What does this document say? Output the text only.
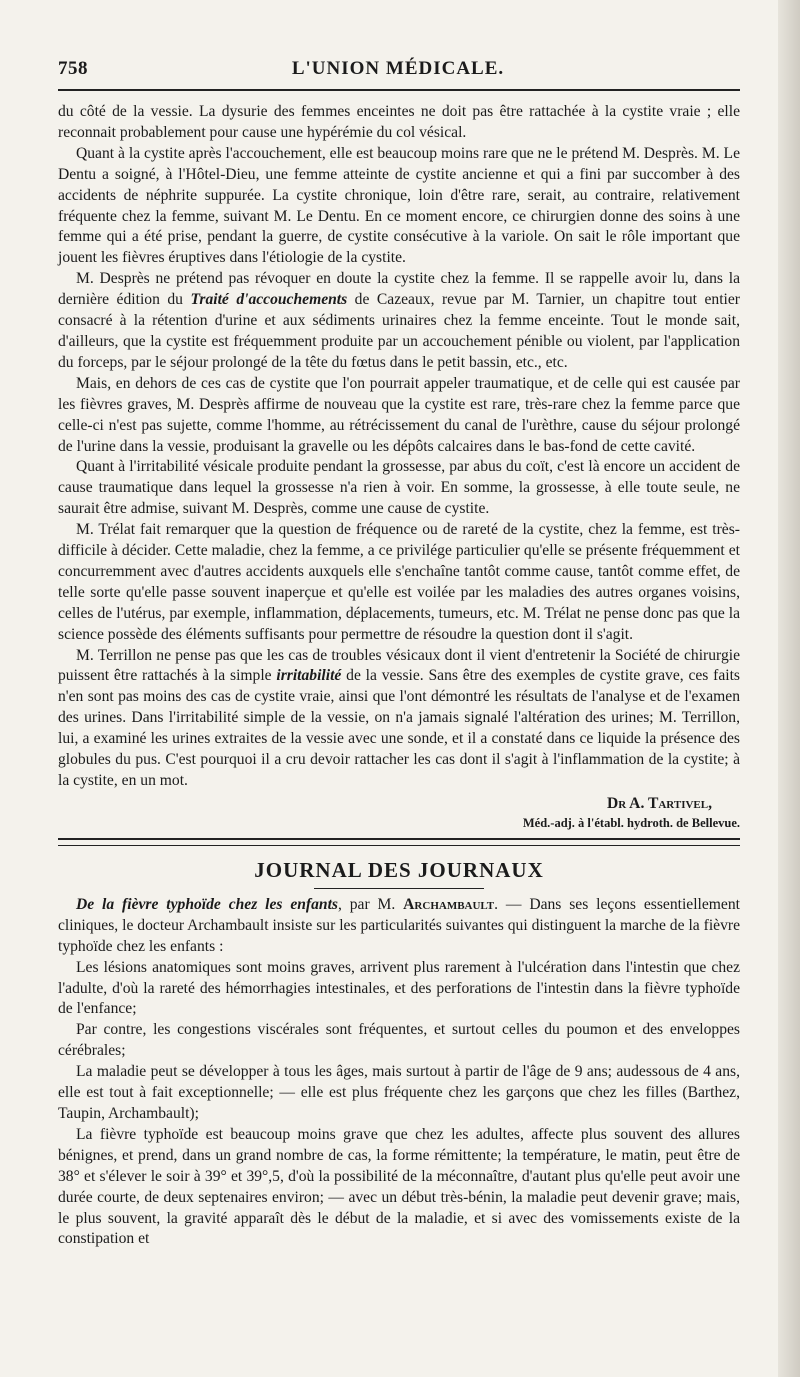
758	L'UNION MÉDICALE.

du côté de la vessie. La dysurie des femmes enceintes ne doit pas être rattachée à la cystite vraie ; elle reconnait probablement pour cause une hypérémie du col vésical.

Quant à la cystite après l'accouchement, elle est beaucoup moins rare que ne le prétend M. Desprès. M. Le Dentu a soigné, à l'Hôtel-Dieu, une femme atteinte de cystite ancienne et qui a fini par succomber à des accidents de néphrite suppurée. La cystite chronique, loin d'être rare, serait, au contraire, relativement fréquente chez la femme, suivant M. Le Dentu. En ce moment encore, ce chirurgien donne des soins à une femme qui a été prise, pendant la guerre, de cystite consécutive à la variole. On sait le rôle important que jouent les fièvres éruptives dans l'étiologie de la cystite.

M. Desprès ne prétend pas révoquer en doute la cystite chez la femme. Il se rappelle avoir lu, dans la dernière édition du Traité d'accouchements de Cazeaux, revue par M. Tarnier, un chapitre tout entier consacré à la rétention d'urine et aux sédiments urinaires chez la femme enceinte. Tout le monde sait, d'ailleurs, que la cystite est fréquemment produite par un accouchement pénible ou violent, par l'application du forceps, par le séjour prolongé de la tête du fœtus dans le petit bassin, etc., etc.

Mais, en dehors de ces cas de cystite que l'on pourrait appeler traumatique, et de celle qui est causée par les fièvres graves, M. Desprès affirme de nouveau que la cystite est rare, très-rare chez la femme parce que celle-ci n'est pas sujette, comme l'homme, au rétrécissement du canal de l'urèthre, cause du séjour prolongé de l'urine dans la vessie, produisant la gravelle ou les dépôts calcaires dans le bas-fond de cette cavité.

Quant à l'irritabilité vésicale produite pendant la grossesse, par abus du coït, c'est là encore un accident de cause traumatique dans lequel la grossesse n'a rien à voir. En somme, la grossesse, à elle toute seule, ne saurait être admise, suivant M. Desprès, comme une cause de cystite.

M. Trélat fait remarquer que la question de fréquence ou de rareté de la cystite, chez la femme, est très-difficile à décider. Cette maladie, chez la femme, a ce privilége particulier qu'elle se présente fréquemment et concurremment avec d'autres accidents auxquels elle s'enchaîne tantôt comme cause, tantôt comme effet, de telle sorte qu'elle passe souvent inaperçue et qu'elle est voilée par les maladies des autres organes voisins, celles de l'utérus, par exemple, inflammation, déplacements, tumeurs, etc. M. Trélat ne pense donc pas que la science possède des éléments suffisants pour permettre de résoudre la question dont il s'agit.

M. Terrillon ne pense pas que les cas de troubles vésicaux dont il vient d'entretenir la Société de chirurgie puissent être rattachés à la simple irritabilité de la vessie. Sans être des exemples de cystite grave, ces faits n'en sont pas moins des cas de cystite vraie, ainsi que l'ont démontré les résultats de l'analyse et de l'examen des urines. Dans l'irritabilité simple de la vessie, on n'a jamais signalé l'altération des urines; M. Terrillon, lui, a examiné les urines extraites de la vessie avec une sonde, et il a constaté dans ce liquide la présence des globules du pus. C'est pourquoi il a cru devoir rattacher les cas dont il s'agit à l'inflammation de la cystite; à la cystite, en un mot.

Dr A. Tartivel,
Méd.-adj. à l'établ. hydroth. de Bellevue.
JOURNAL DES JOURNAUX

De la fièvre typhoïde chez les enfants, par M. Archambault. — Dans ses leçons essentiellement cliniques, le docteur Archambault insiste sur les particularités suivantes qui distinguent la marche de la fièvre typhoïde chez les enfants :

Les lésions anatomiques sont moins graves, arrivent plus rarement à l'ulcération dans l'intestin que chez l'adulte, d'où la rareté des hémorrhagies intestinales, et des perforations de l'intestin dans la fièvre typhoïde de l'enfance;

Par contre, les congestions viscérales sont fréquentes, et surtout celles du poumon et des enveloppes cérébrales;

La maladie peut se développer à tous les âges, mais surtout à partir de l'âge de 9 ans; audessous de 4 ans, elle est tout à fait exceptionnelle; — elle est plus fréquente chez les garçons que chez les filles (Barthez, Taupin, Archambault);

La fièvre typhoïde est beaucoup moins grave que chez les adultes, affecte plus souvent des allures bénignes, et prend, dans un grand nombre de cas, la forme rémittente; la température, le matin, peut être de 38° et s'élever le soir à 39° et 39°,5, d'où la possibilité de la méconnaître, d'autant plus qu'elle peut avoir une durée courte, de deux septenaires environ; — avec un début très-bénin, la maladie peut devenir grave; mais, le plus souvent, la gravité apparaît dès le début de la maladie, et si avec des vomissements existe de la constipation et
